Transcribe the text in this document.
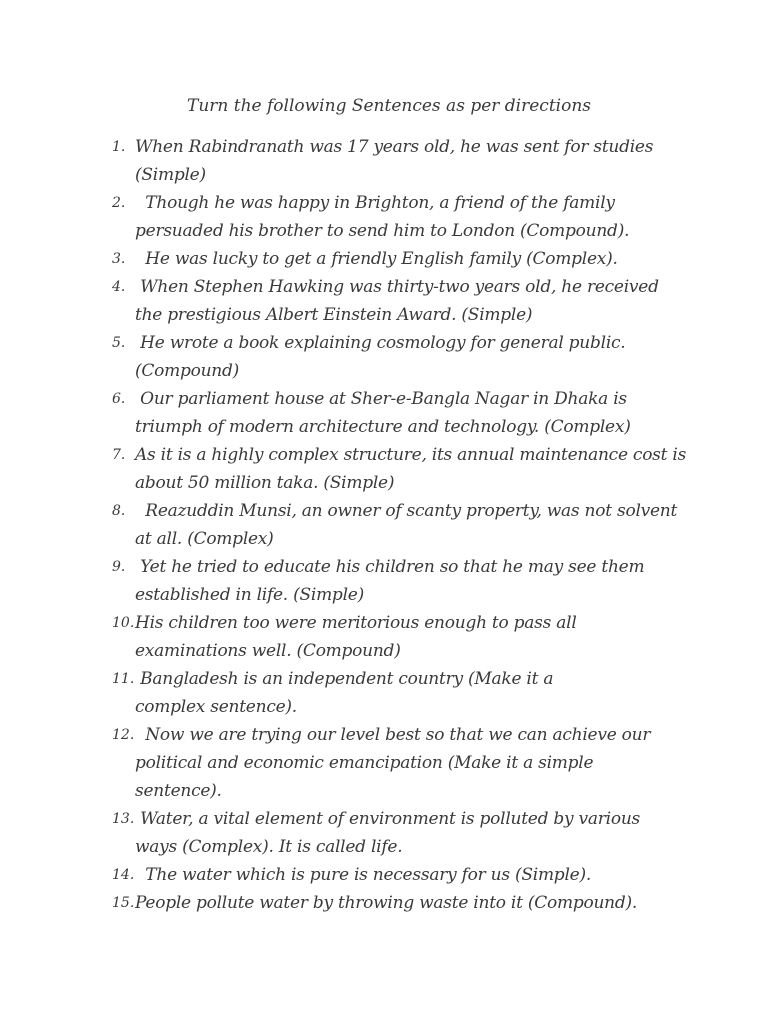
Turn the following Sentences as per directions
1. When Rabindranath was 17 years old, he was sent for studies
(Simple)
2. Though he was happy in Brighton, a friend of the family
persuaded his brother to send him to London (Compound).
3. He was lucky to get a friendly English family (Complex).
4. When Stephen Hawking was thirty-two years old, he received
the prestigious Albert Einstein Award. (Simple)
5. He wrote a book explaining cosmology for general public.
(Compound)
6. Our parliament house at Sher-e-Bangla Nagar in Dhaka is
triumph of modern architecture and technology. (Complex)
7. As it is a highly complex structure, its annual maintenance cost is
about 50 million taka. (Simple)
8. Reazuddin Munsi, an owner of scanty property, was not solvent
at all. (Complex)
9. Yet he tried to educate his children so that he may see them
established in life. (Simple)
10. His children too were meritorious enough to pass all
examinations well. (Compound)
11. Bangladesh is an independent country (Make it a
complex sentence).
12. Now we are trying our level best so that we can achieve our
political and economic emancipation (Make it a simple
sentence).
13. Water, a vital element of environment is polluted by various
ways (Complex). It is called life.
14. The water which is pure is necessary for us (Simple).
15. People pollute water by throwing waste into it (Compound).
